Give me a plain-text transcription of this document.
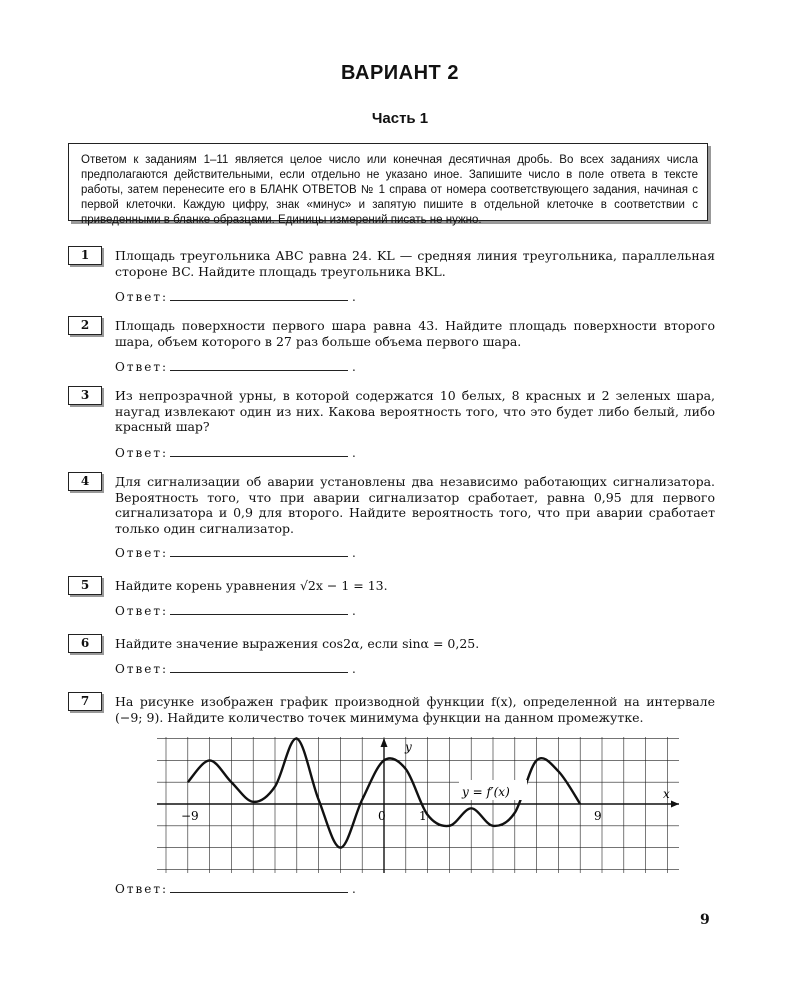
ВАРИАНТ 2
Часть 1
Ответом к заданиям 1–11 является целое число или конечная десятичная дробь. Во всех заданиях числа предполагаются действительными, если отдельно не указано иное. Запишите число в поле ответа в тексте работы, затем перенесите его в БЛАНК ОТВЕТОВ № 1 справа от номера соответствующего задания, начиная с первой клеточки. Каждую цифру, знак «минус» и запятую пишите в отдельной клеточке в соответствии с приведенными в бланке образцами. Единицы измерений писать не нужно.
1	Площадь треугольника ABC равна 24. KL — средняя линия треугольника, параллельная стороне BC. Найдите площадь треугольника BKL.
Ответ:	.
2	Площадь поверхности первого шара равна 43. Найдите площадь поверхности второго шара, объем которого в 27 раз больше объема первого шара.
Ответ:	.
3	Из непрозрачной урны, в которой содержатся 10 белых, 8 красных и 2 зеленых шара, наугад извлекают один из них. Какова вероятность того, что это будет либо белый, либо красный шар?
Ответ:	.
4	Для сигнализации об аварии установлены два независимо работающих сигнализатора. Вероятность того, что при аварии сигнализатор сработает, равна 0,95 для первого сигнализатора и 0,9 для второго. Найдите вероятность того, что при аварии сработает только один сигнализатор.
Ответ:	.
5	Найдите корень уравнения √2x − 1 = 13.
Ответ:	.
6	Найдите значение выражения cos2α, если sinα = 0,25.
Ответ:	.
7	На рисунке изображен график производной функции f(x), определенной на интервале (−9; 9). Найдите количество точек минимума функции на данном промежутке.
y
x
y = f′(x)
−9	0	1	9
Ответ:	.
9
